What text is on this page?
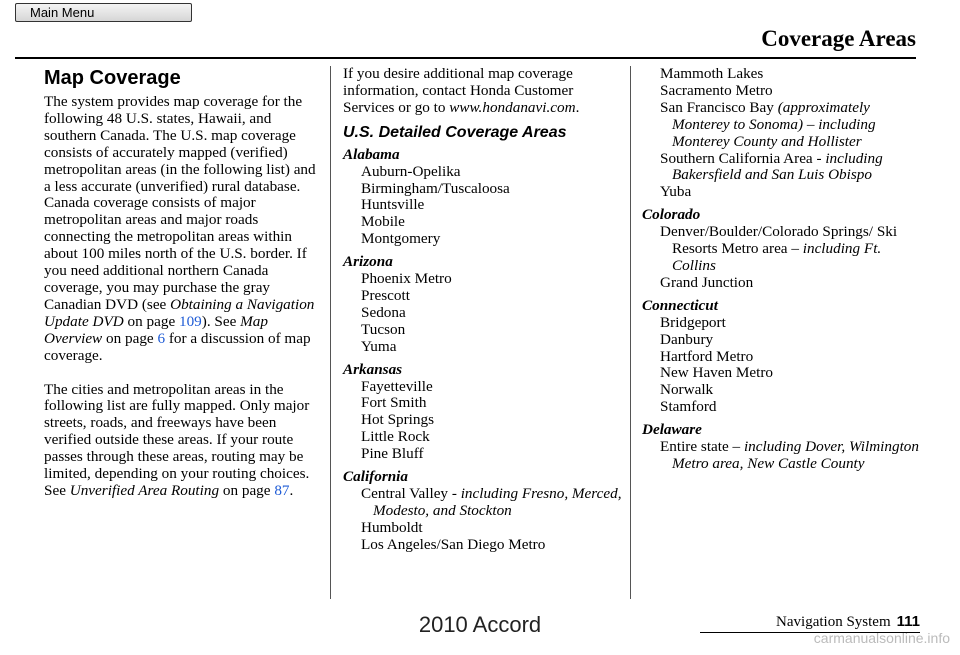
Main Menu
Coverage Areas
Map Coverage

The system provides map coverage for the following 48 U.S. states, Hawaii, and southern Canada. The U.S. map coverage consists of accurately mapped (verified) metropolitan areas (in the following list) and a less accurate (unverified) rural database. Canada coverage consists of major metropolitan areas and major roads connecting the metropolitan areas within about 100 miles north of the U.S. border. If you need additional northern Canada coverage, you may purchase the gray Canadian DVD (see Obtaining a Navigation Update DVD on page 109). See Map Overview on page 6 for a discussion of map coverage.

The cities and metropolitan areas in the following list are fully mapped. Only major streets, roads, and freeways have been verified outside these areas. If your route passes through these areas, routing may be limited, depending on your routing choices. See Unverified Area Routing on page 87.

If you desire additional map coverage information, contact Honda Customer Services or go to www.hondanavi.com.

U.S. Detailed Coverage Areas
Alabama
Auburn-Opelika
Birmingham/Tuscaloosa
Huntsville
Mobile
Montgomery
Arizona
Phoenix Metro
Prescott
Sedona
Tucson
Yuma
Arkansas
Fayetteville
Fort Smith
Hot Springs
Little Rock
Pine Bluff
California
Central Valley - including Fresno, Merced, Modesto, and Stockton
Humboldt
Los Angeles/San Diego Metro
Mammoth Lakes
Sacramento Metro
San Francisco Bay (approximately Monterey to Sonoma) – including Monterey County and Hollister
Southern California Area - including Bakersfield and San Luis Obispo
Yuba
Colorado
Denver/Boulder/Colorado Springs/ Ski Resorts Metro area – including Ft. Collins
Grand Junction
Connecticut
Bridgeport
Danbury
Hartford Metro
New Haven Metro
Norwalk
Stamford
Delaware
Entire state – including Dover, Wilmington Metro area, New Castle County
Navigation System 111
2010 Accord
carmanualsonline.info
